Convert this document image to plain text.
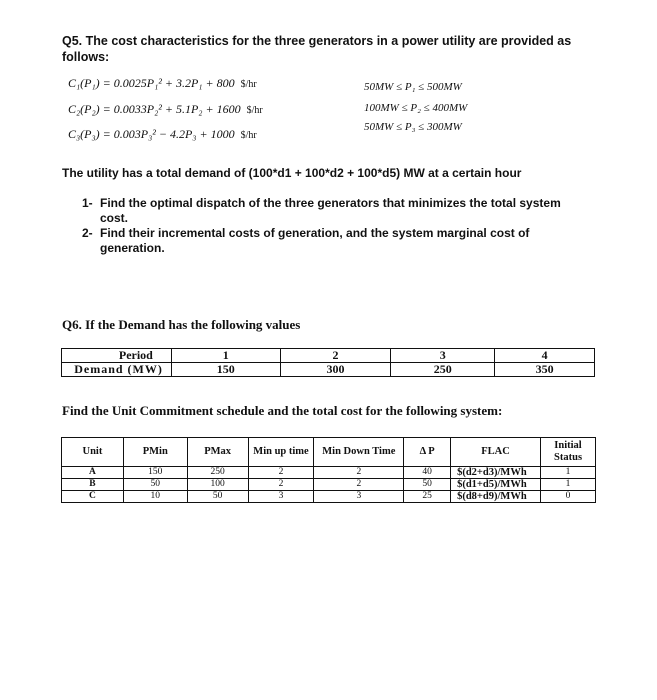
Q5. The cost characteristics for the three generators in a power utility are provided as follows:
C₁(P₁) = 0.0025P₁² + 3.2P₁ + 800 $/hr
C₂(P₂) = 0.0033P₂² + 5.1P₂ + 1600 $/hr
C₃(P₃) = 0.003P₃² − 4.2P₃ + 1000 $/hr
50MW ≤ P₁ ≤ 500MW
100MW ≤ P₂ ≤ 400MW
50MW ≤ P₃ ≤ 300MW
The utility has a total demand of (100*d1 + 100*d2 + 100*d5) MW at a certain hour
1- Find the optimal dispatch of the three generators that minimizes the total system cost.
2- Find their incremental costs of generation, and the system marginal cost of generation.
Q6. If the Demand has the following values
Period	1	2	3	4
Demand (MW)	150	300	250	350
Find the Unit Commitment schedule and the total cost for the following system:
Unit	PMin	PMax	Min up time	Min Down Time	Δ P	FLAC	Initial Status
A	150	250	2	2	40	$(d2+d3)/MWh	1
B	50	100	2	2	50	$(d1+d5)/MWh	1
C	10	50	3	3	25	$(d8+d9)/MWh	0
